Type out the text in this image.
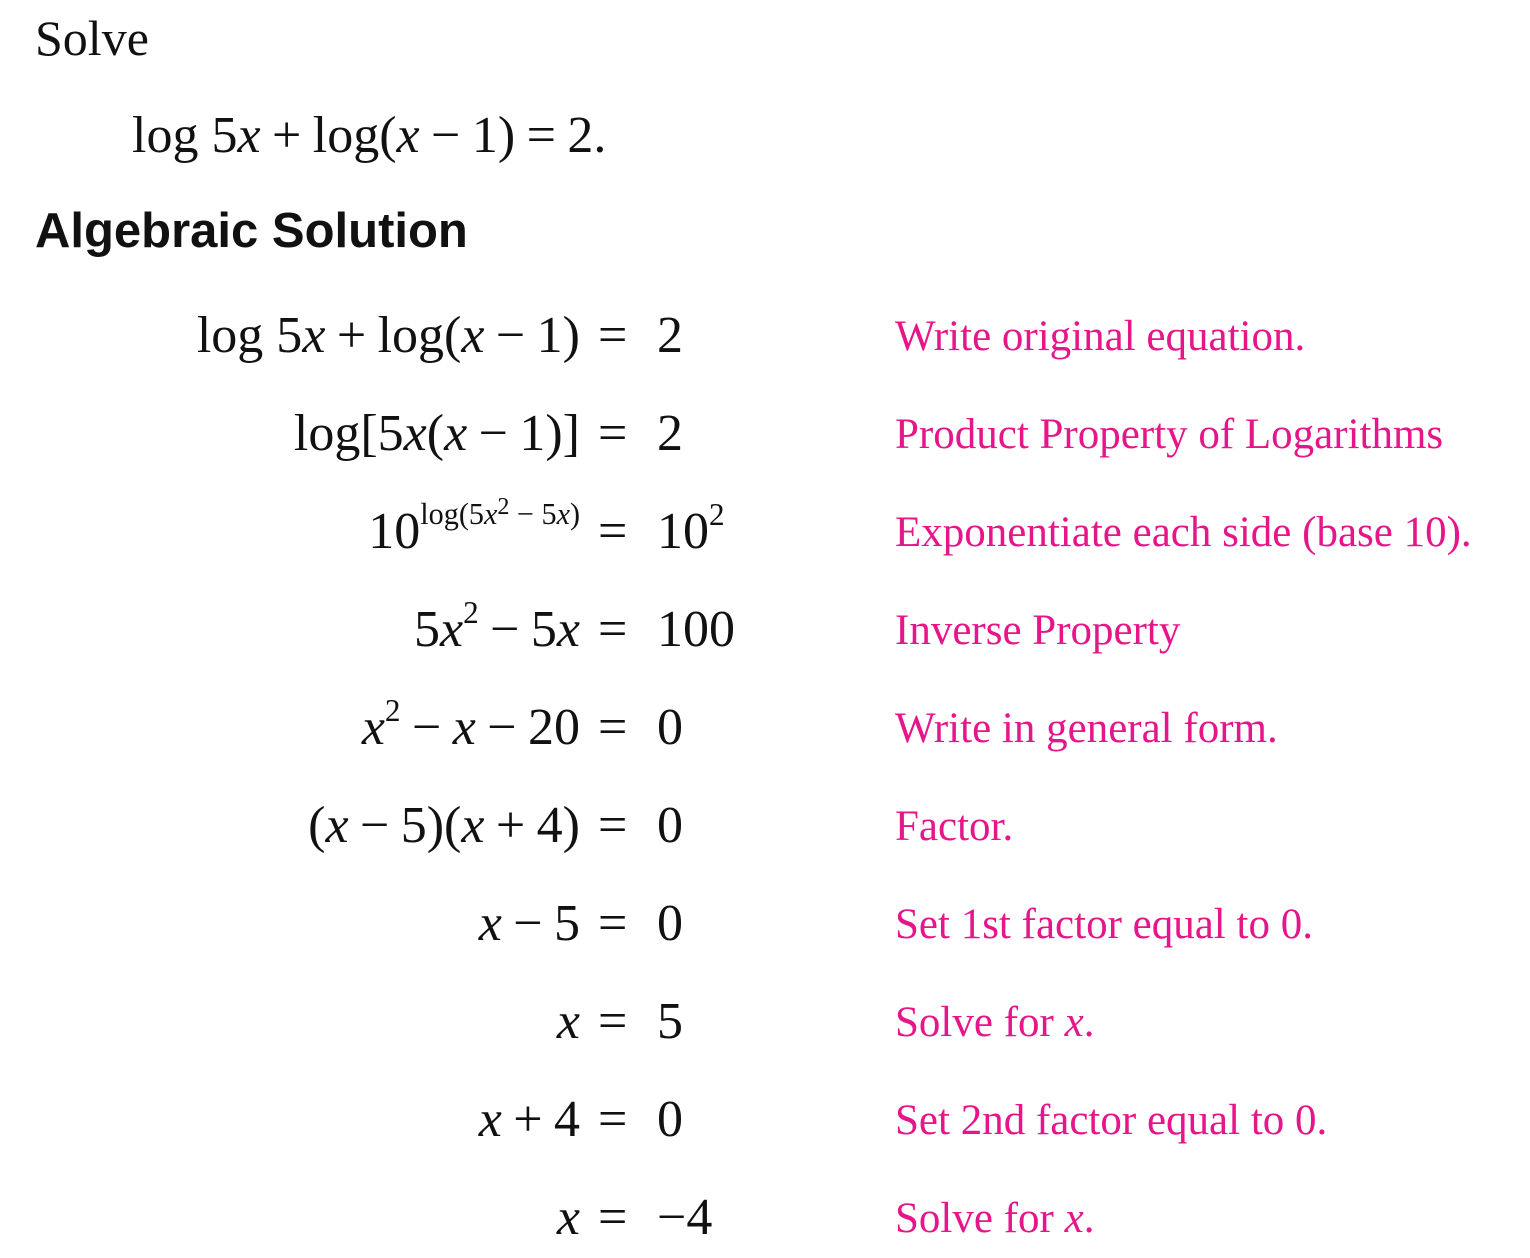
Solve
log 5x + log(x − 1) = 2.
Algebraic Solution
log 5x + log(x − 1) = 2	Write original equation.
log[5x(x − 1)] = 2	Product Property of Logarithms
$10^{log(5x^2 - 5x)} = 10^2$	Exponentiate each side (base 10).
$5x^2 - 5x = 100$	Inverse Property
$x^2 - x - 20 = 0$	Write in general form.
(x − 5)(x + 4) = 0	Factor.
x − 5 = 0	Set 1st factor equal to 0.
x = 5	Solve for x.
x + 4 = 0	Set 2nd factor equal to 0.
x = −4	Solve for x.
